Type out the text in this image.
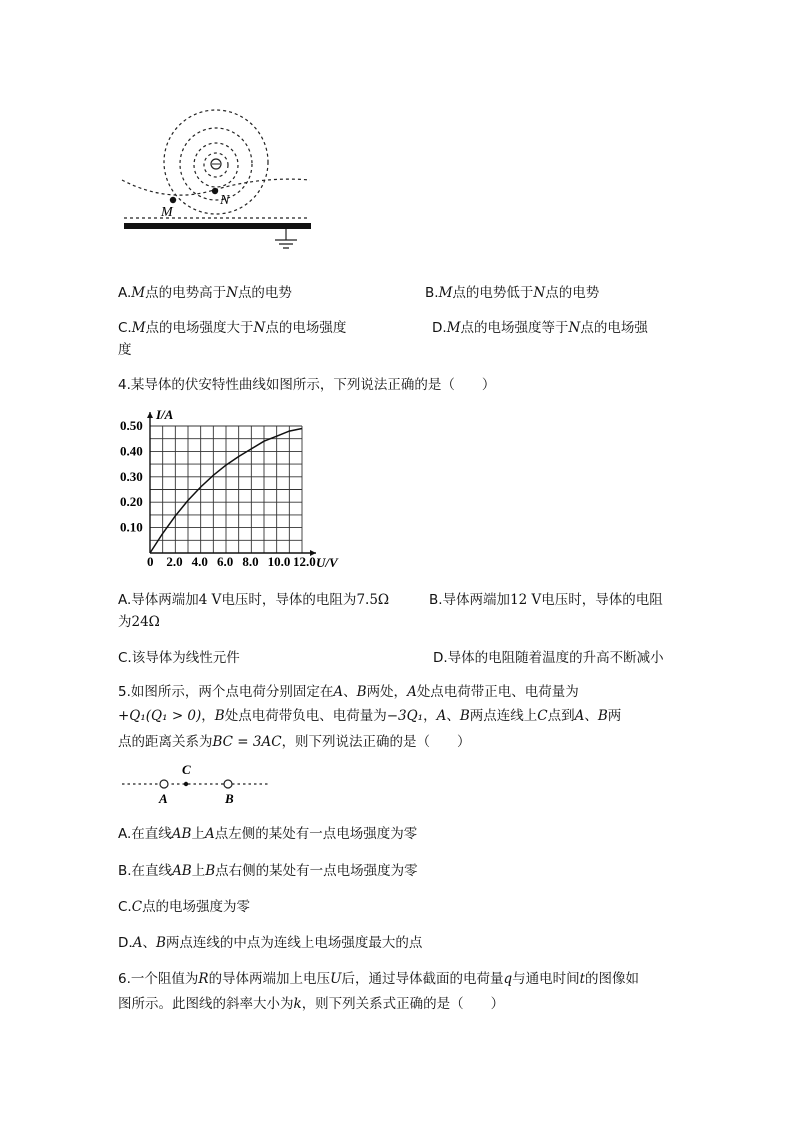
M
N
A.M点的电势高于N点的电势	B.M点的电势低于N点的电势
C.M点的电场强度大于N点的电场强度	D.M点的电场强度等于N点的电场强
度
4.某导体的伏安特性曲线如图所示，下列说法正确的是（　　）
0 2.0 4.0 6.0 8.0 10.0 12.0
0.10
0.20
0.30
0.40
0.50
U/V
I/A
A.导体两端加4 V电压时，导体的电阻为7.5Ω	B.导体两端加12 V电压时，导体的电阻
为24Ω
C.该导体为线性元件	D.导体的电阻随着温度的升高不断减小
5.如图所示，两个点电荷分别固定在A、B两处，A处点电荷带正电、电荷量为
+Q₁(Q₁ > 0)，B处点电荷带负电、电荷量为−3Q₁，A、B两点连线上C点到A、B两
点的距离关系为BC = 3AC，则下列说法正确的是（　　）
C
A	B
A.在直线AB上A点左侧的某处有一点电场强度为零
B.在直线AB上B点右侧的某处有一点电场强度为零
C.C点的电场强度为零
D.A、B两点连线的中点为连线上电场强度最大的点
6.一个阻值为R的导体两端加上电压U后，通过导体截面的电荷量q与通电时间t的图像如
图所示。此图线的斜率大小为k，则下列关系式正确的是（　　）
